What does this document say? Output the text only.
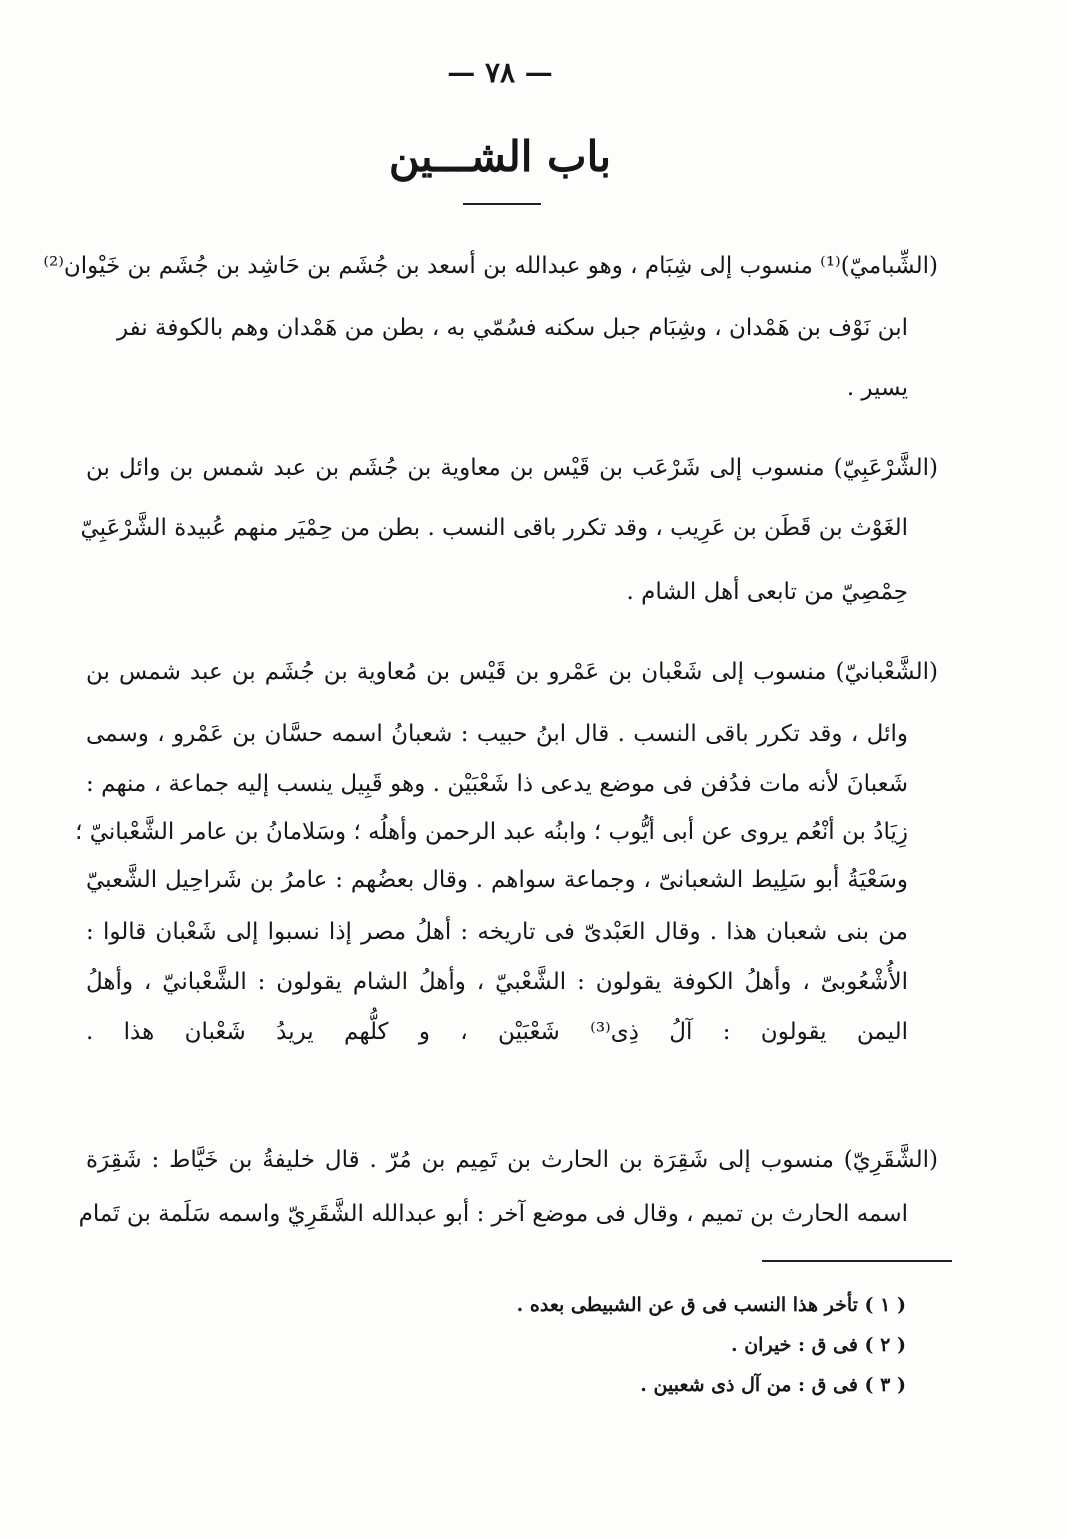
— ٧٨ —
باب الشـــين
(الشِّباميّ)⁽¹⁾ منسوب إلى شِبَام ، وهو عبدالله بن أسعد بن جُشَم بن حَاشِد بن جُشَم بن خَيْوان⁽²⁾
ابن نَوْف بن هَمْدان ، وشِبَام جبل سكنه فسُمّي به ، بطن من هَمْدان وهم بالكوفة نفر
يسير .
(الشَّرْعَبِيّ) منسوب إلى شَرْعَب بن قَيْس بن معاوية بن جُشَم بن عبد شمس بن وائل بن
الغَوْث بن قَطَن بن عَرِيب ، وقد تكرر باقى النسب . بطن من حِمْيَر منهم عُبيدة الشَّرْعَبِيّ
حِمْصِيّ من تابعى أهل الشام .
(الشَّعْبانيّ) منسوب إلى شَعْبان بن عَمْرو بن قَيْس بن مُعاوية بن جُشَم بن عبد شمس بن
وائل ، وقد تكرر باقى النسب . قال ابنُ حبيب : شعبانُ اسمه حسَّان بن عَمْرو ، وسمى
شَعبانَ لأنه مات فدُفن فى موضع يدعى ذا شَعْبَيْن . وهو قَبِيل ينسب إليه جماعة ، منهم :
زِيَادُ بن أنْعُم يروى عن أبى أيُّوب ؛ وابنُه عبد الرحمن وأهلُه ؛ وسَلامانُ بن عامر الشَّعْبانيّ ؛
وسَعْيَةُ أبو سَلِيط الشعبانىّ ، وجماعة سواهم . وقال بعضُهم : عامرُ بن شَراحِيل الشَّعبيّ
من بنى شعبان هذا . وقال العَبْدىّ فى تاريخه : أهلُ مصر إذا نسبوا إلى شَعْبان قالوا :
الأُشْعُوبىّ ، وأهلُ الكوفة يقولون : الشَّعْبيّ ، وأهلُ الشام يقولون : الشَّعْبانيّ ، وأهلُ
اليمن يقولون : آلُ ذِى⁽³⁾ شَعْبَيْن ، و كلُّهم يريدُ شَعْبان هذا .
(الشَّقَرِيّ) منسوب إلى شَقِرَة بن الحارث بن تَمِيم بن مُرّ . قال خليفةُ بن خَيَّاط : شَقِرَة
اسمه الحارث بن تميم ، وقال فى موضع آخر : أبو عبدالله الشَّقَرِيّ واسمه سَلَمة بن تَمام
( ١ ) تأخر هذا النسب فى ق عن الشبيطى بعده .
( ٢ ) فى ق : خيران .
( ٣ ) فى ق : من آل ذى شعبين .
